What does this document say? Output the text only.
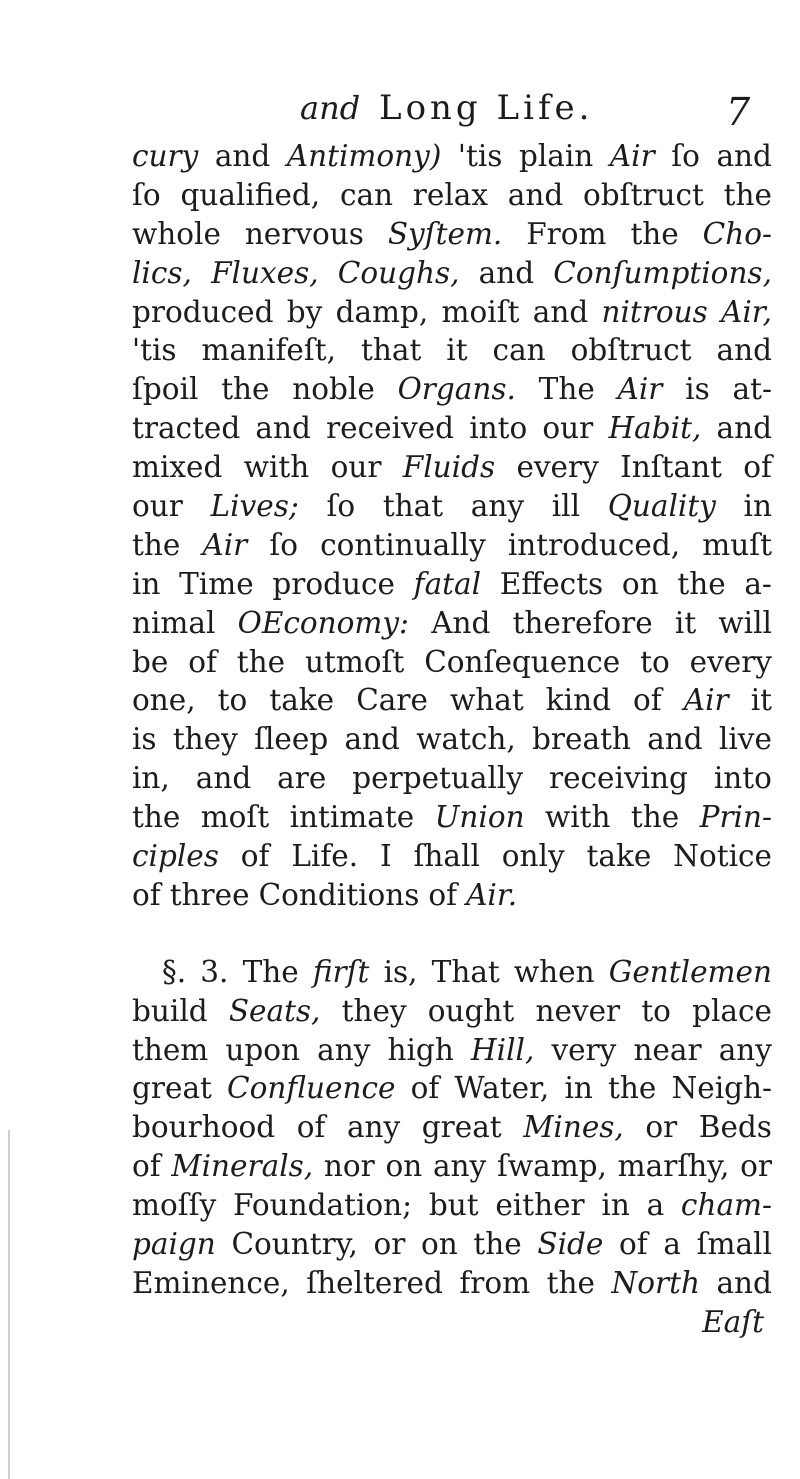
and Long Life.	7
cury and Antimony) 'tis plain Air ſo and
ſo qualified, can relax and obſtruct the
whole nervous Syſtem. From the Cho-
lics, Fluxes, Coughs, and Conſumptions,
produced by damp, moiſt and nitrous Air,
'tis manifeſt, that it can obſtruct and
ſpoil the noble Organs. The Air is at-
tracted and received into our Habit, and
mixed with our Fluids every Inſtant of
our Lives; ſo that any ill Quality in
the Air ſo continually introduced, muſt
in Time produce fatal Effects on the a-
nimal OEconomy: And therefore it will
be of the utmoſt Conſequence to every
one, to take Care what kind of Air it
is they ſleep and watch, breath and live
in, and are perpetually receiving into
the moſt intimate Union with the Prin-
ciples of Life. I ſhall only take Notice
of three Conditions of Air.
§. 3. The firſt is, That when Gentlemen
build Seats, they ought never to place
them upon any high Hill, very near any
great Confluence of Water, in the Neigh-
bourhood of any great Mines, or Beds
of Minerals, nor on any ſwamp, marſhy, or
moſſy Foundation; but either in a cham-
paign Country, or on the Side of a ſmall
Eminence, ſheltered from the North and
Eaſt
